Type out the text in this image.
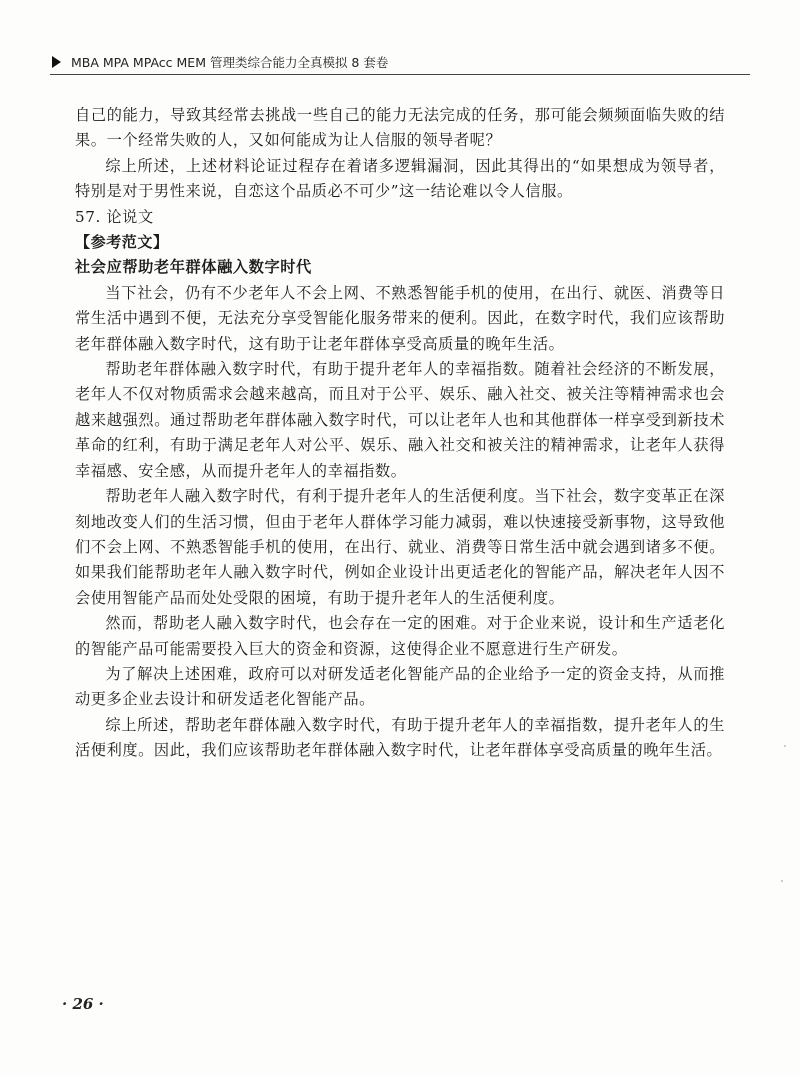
MBA MPA MPAcc MEM 管理类综合能力全真模拟 8 套卷

自己的能力，导致其经常去挑战一些自己的能力无法完成的任务，那可能会频频面临失败的结果。一个经常失败的人，又如何能成为让人信服的领导者呢？

综上所述，上述材料论证过程存在着诸多逻辑漏洞，因此其得出的“如果想成为领导者，特别是对于男性来说，自恋这个品质必不可少”这一结论难以令人信服。

57. 论说文

【参考范文】

社会应帮助老年群体融入数字时代

当下社会，仍有不少老年人不会上网、不熟悉智能手机的使用，在出行、就医、消费等日常生活中遇到不便，无法充分享受智能化服务带来的便利。因此，在数字时代，我们应该帮助老年群体融入数字时代，这有助于让老年群体享受高质量的晚年生活。

帮助老年群体融入数字时代，有助于提升老年人的幸福指数。随着社会经济的不断发展，老年人不仅对物质需求会越来越高，而且对于公平、娱乐、融入社交、被关注等精神需求也会越来越强烈。通过帮助老年群体融入数字时代，可以让老年人也和其他群体一样享受到新技术革命的红利，有助于满足老年人对公平、娱乐、融入社交和被关注的精神需求，让老年人获得幸福感、安全感，从而提升老年人的幸福指数。

帮助老年人融入数字时代，有利于提升老年人的生活便利度。当下社会，数字变革正在深刻地改变人们的生活习惯，但由于老年人群体学习能力减弱，难以快速接受新事物，这导致他们不会上网、不熟悉智能手机的使用，在出行、就业、消费等日常生活中就会遇到诸多不便。如果我们能帮助老年人融入数字时代，例如企业设计出更适老化的智能产品，解决老年人因不会使用智能产品而处处受限的困境，有助于提升老年人的生活便利度。

然而，帮助老人融入数字时代，也会存在一定的困难。对于企业来说，设计和生产适老化的智能产品可能需要投入巨大的资金和资源，这使得企业不愿意进行生产研发。

为了解决上述困难，政府可以对研发适老化智能产品的企业给予一定的资金支持，从而推动更多企业去设计和研发适老化智能产品。

综上所述，帮助老年群体融入数字时代，有助于提升老年人的幸福指数，提升老年人的生活便利度。因此，我们应该帮助老年群体融入数字时代，让老年群体享受高质量的晚年生活。

· 26 ·
